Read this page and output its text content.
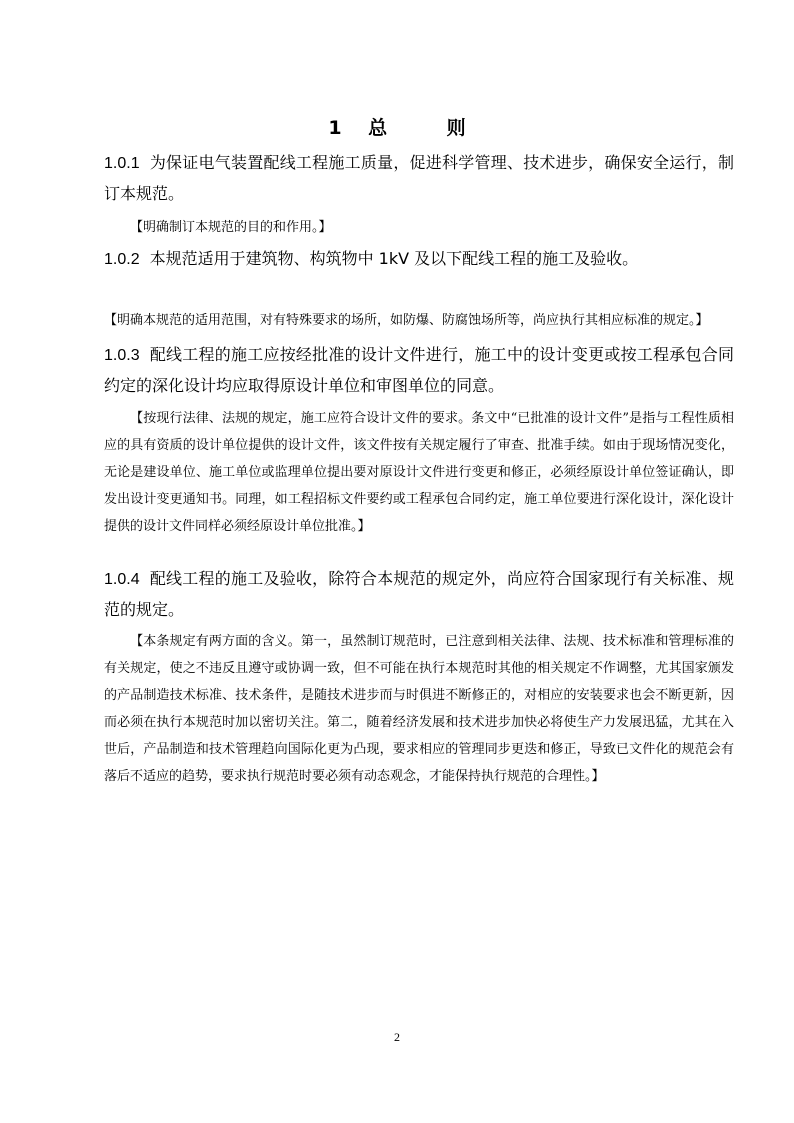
1    总         则
1.0.1 为保证电气装置配线工程施工质量，促进科学管理、技术进步，确保安全运行，制订本规范。
【明确制订本规范的目的和作用。】
1.0.2 本规范适用于建筑物、构筑物中 1kV 及以下配线工程的施工及验收。
【明确本规范的适用范围，对有特殊要求的场所，如防爆、防腐蚀场所等，尚应执行其相应标准的规定。】
1.0.3 配线工程的施工应按经批准的设计文件进行，施工中的设计变更或按工程承包合同约定的深化设计均应取得原设计单位和审图单位的同意。
【按现行法律、法规的规定，施工应符合设计文件的要求。条文中“已批准的设计文件”是指与工程性质相应的具有资质的设计单位提供的设计文件，该文件按有关规定履行了审查、批准手续。如由于现场情况变化，无论是建设单位、施工单位或监理单位提出要对原设计文件进行变更和修正，必须经原设计单位签证确认，即发出设计变更通知书。同理，如工程招标文件要约或工程承包合同约定，施工单位要进行深化设计，深化设计提供的设计文件同样必须经原设计单位批准。】
1.0.4 配线工程的施工及验收，除符合本规范的规定外，尚应符合国家现行有关标准、规范的规定。
【本条规定有两方面的含义。第一，虽然制订规范时，已注意到相关法律、法规、技术标准和管理标准的有关规定，使之不违反且遵守或协调一致，但不可能在执行本规范时其他的相关规定不作调整，尤其国家颁发的产品制造技术标准、技术条件，是随技术进步而与时俱进不断修正的，对相应的安装要求也会不断更新，因而必须在执行本规范时加以密切关注。第二，随着经济发展和技术进步加快必将使生产力发展迅猛，尤其在入世后，产品制造和技术管理趋向国际化更为凸现，要求相应的管理同步更迭和修正，导致已文件化的规范会有落后不适应的趋势，要求执行规范时要必须有动态观念，才能保持执行规范的合理性。】
2
